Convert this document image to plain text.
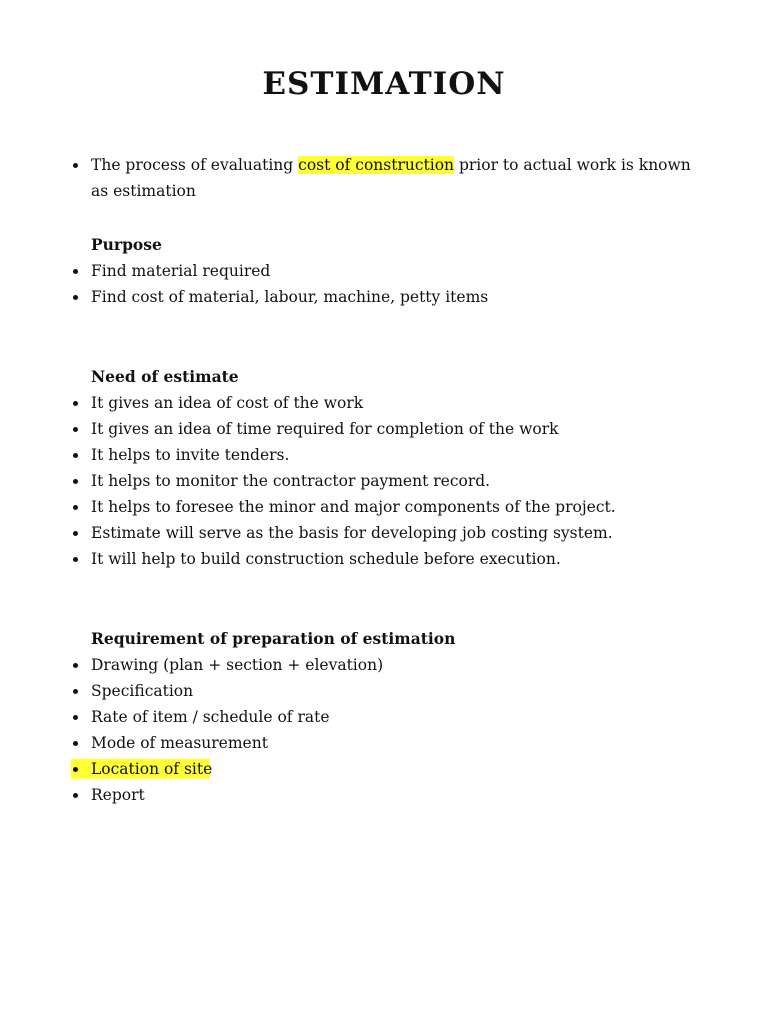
ESTIMATION
The process of evaluating cost of construction prior to actual work is known as estimation
Purpose
Find material required
Find cost of material, labour, machine, petty items
Need of estimate
It gives an idea of cost of the work
It gives an idea of time required for completion of the work
It helps to invite tenders.
It helps to monitor the contractor payment record.
It helps to foresee the minor and major components of the project.
Estimate will serve as the basis for developing job costing system.
It will help to build construction schedule before execution.
Requirement of preparation of estimation
Drawing (plan + section + elevation)
Specification
Rate of item / schedule of rate
Mode of measurement
Location of site
Report
